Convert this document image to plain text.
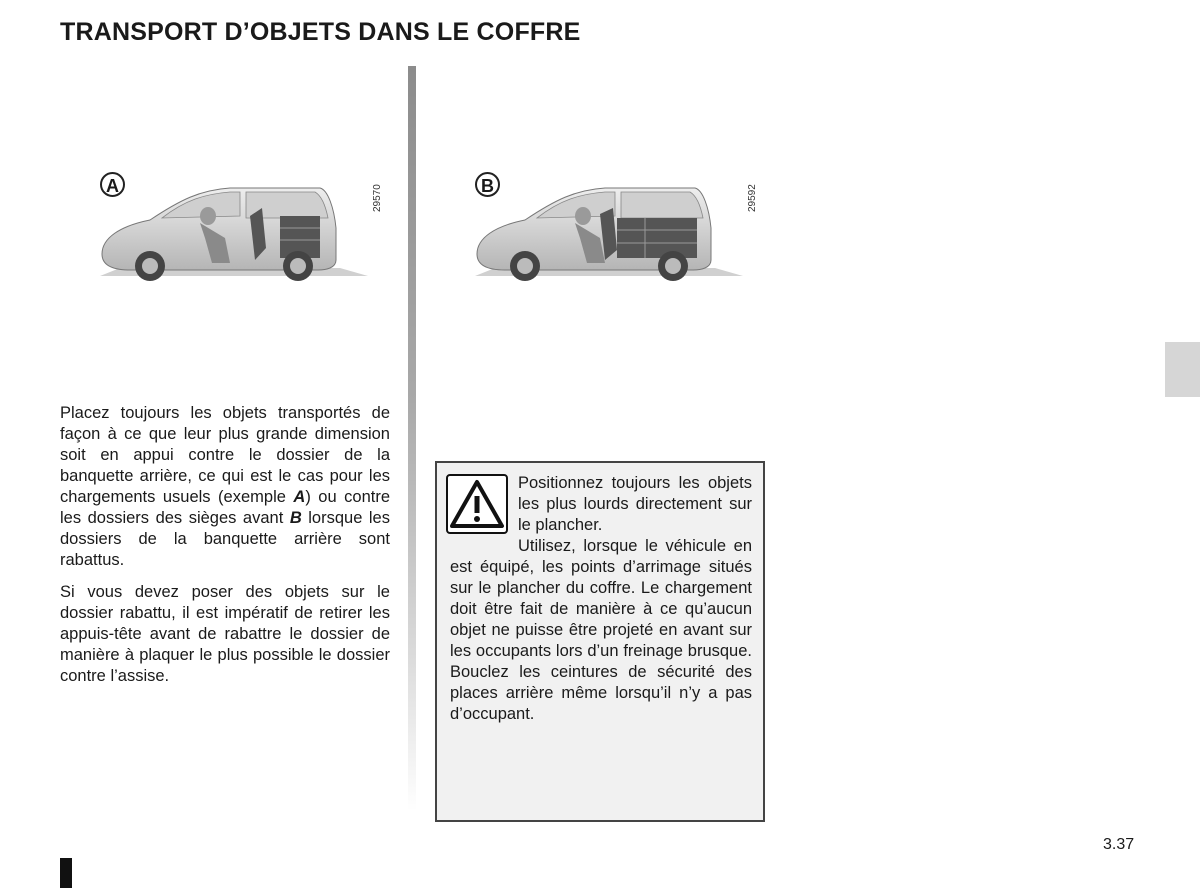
TRANSPORT D’OBJETS DANS LE COFFRE
A	29570	B	29592

Placez toujours les objets transportés de façon à ce que leur plus grande dimension soit en appui contre le dossier de la banquette arrière, ce qui est le cas pour les chargements usuels (exemple A) ou contre les dossiers des sièges avant B lorsque les dossiers de la banquette arrière sont rabattus.

Si vous devez poser des objets sur le dossier rabattu, il est impératif de retirer les appuis-tête avant de rabattre le dossier de manière à plaquer le plus possible le dossier contre l’assise.

Positionnez toujours les objets les plus lourds directement sur le plancher.
Utilisez, lorsque le véhicule en est équipé, les points d’arrimage situés sur le plancher du coffre. Le chargement doit être fait de manière à ce qu’aucun objet ne puisse être projeté en avant sur les occupants lors d’un freinage brusque. Bouclez les ceintures de sécurité des places arrière même lorsqu’il n’y a pas d’occupant.
3.37
